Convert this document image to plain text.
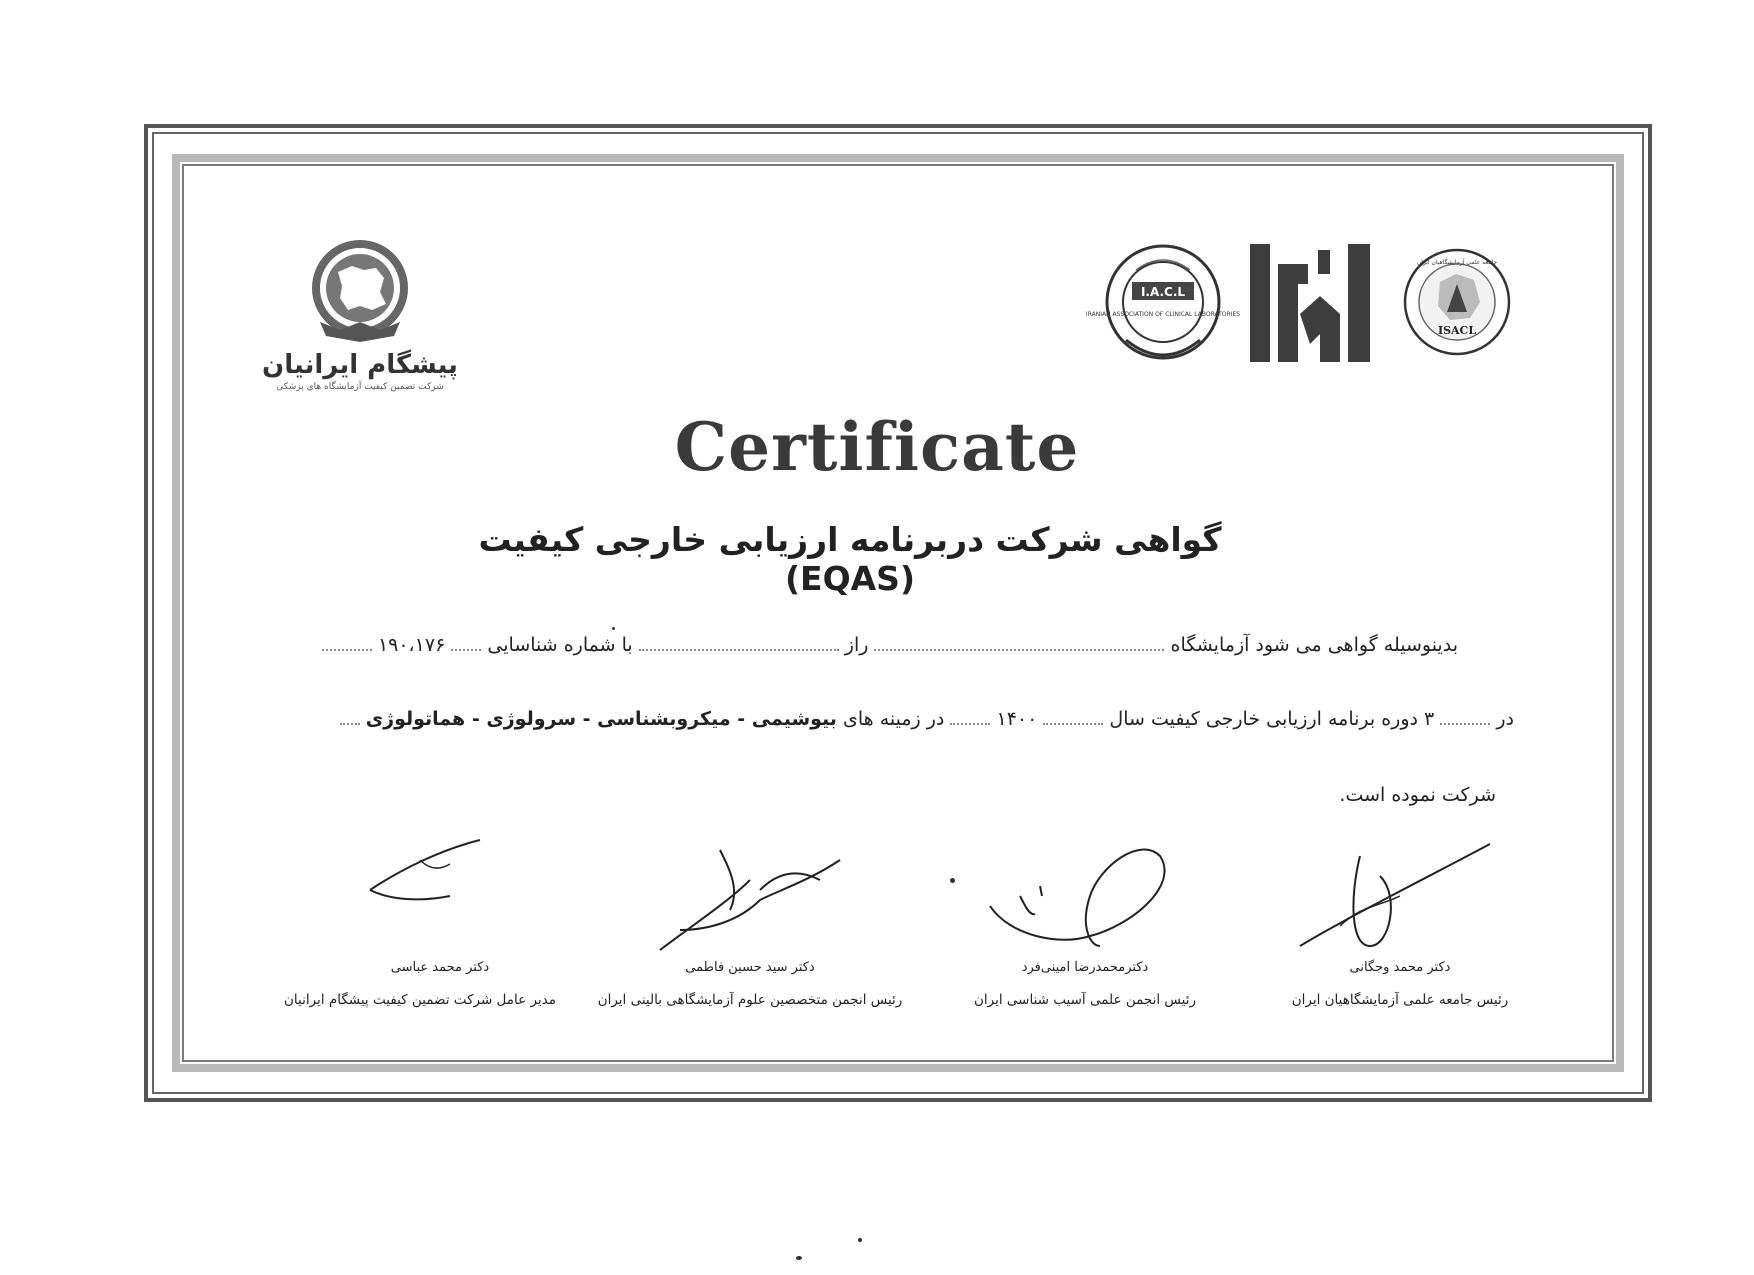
پیشگام ایرانیان
شرکت تضمین کیفیت آزمایشگاه های پزشکی
I.A.C.L
IRANIAN ASSOCIATION OF CLINICAL LABORATORIES
ISACL
جامعه علمی آزمایشگاهیان ایران
Certificate
گواهی شرکت دربرنامه ارزیابی خارجی کیفیت (EQAS)
بدینوسیله گواهی می شود آزمایشگاه  راز  با شماره شناسایی  ۱۹۰،۱۷۶
در  ۳ دوره برنامه ارزیابی خارجی کیفیت سال  ۱۴۰۰  در زمینه های بیوشیمی - میکروبشناسی - سرولوژی - هماتولوژی
شرکت نموده است.
دکتر محمد وجگانی
رئیس جامعه علمی آزمایشگاهیان ایران
دکترمحمدرضا امینی‌فرد
رئیس انجمن علمی آسیب شناسی ایران
دکتر سید حسین فاطمی
رئیس انجمن متخصصین علوم آزمایشگاهی بالینی ایران
دکتر محمد عباسی
مدیر عامل شرکت تضمین کیفیت پیشگام ایرانیان
